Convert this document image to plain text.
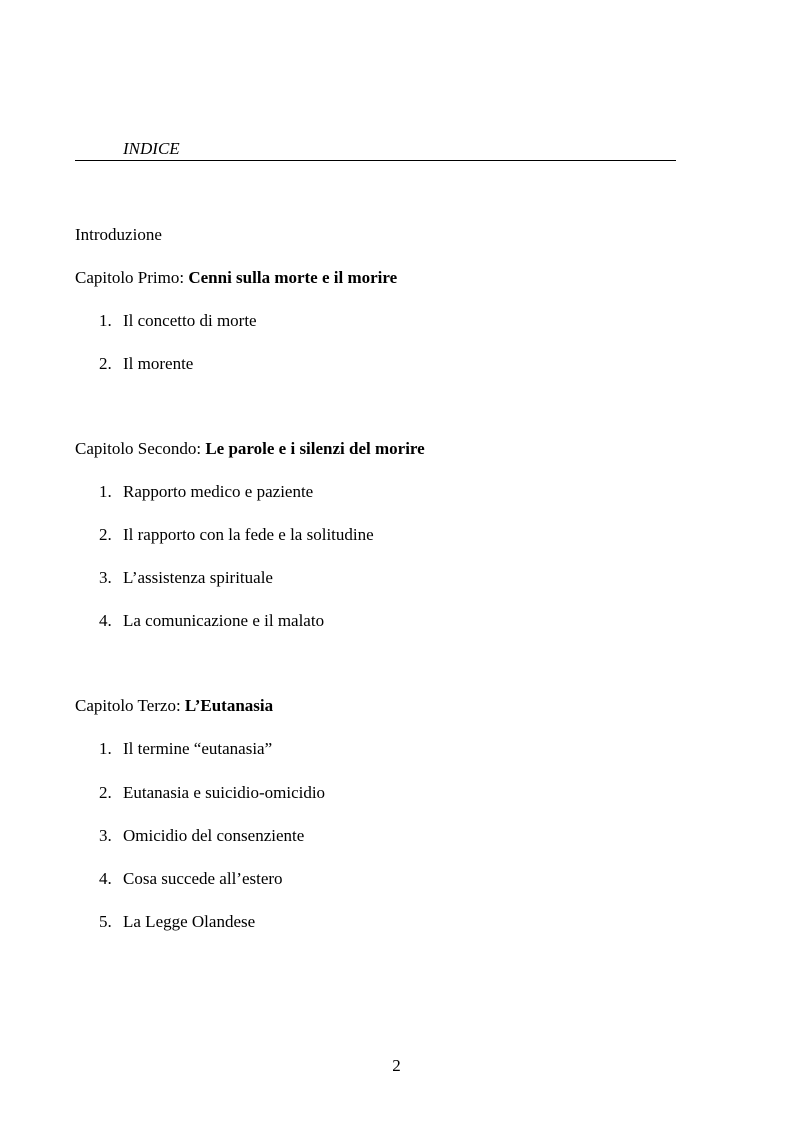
INDICE
Introduzione
Capitolo Primo: Cenni sulla morte e il morire
1. Il concetto di morte
2. Il morente
Capitolo Secondo: Le parole e i silenzi del morire
1. Rapporto medico e paziente
2. Il rapporto con la fede e la solitudine
3. L’assistenza spirituale
4. La comunicazione e il malato
Capitolo Terzo: L’Eutanasia
1. Il termine “eutanasia”
2. Eutanasia e suicidio-omicidio
3. Omicidio del consenziente
4. Cosa succede all’estero
5. La Legge Olandese
2
